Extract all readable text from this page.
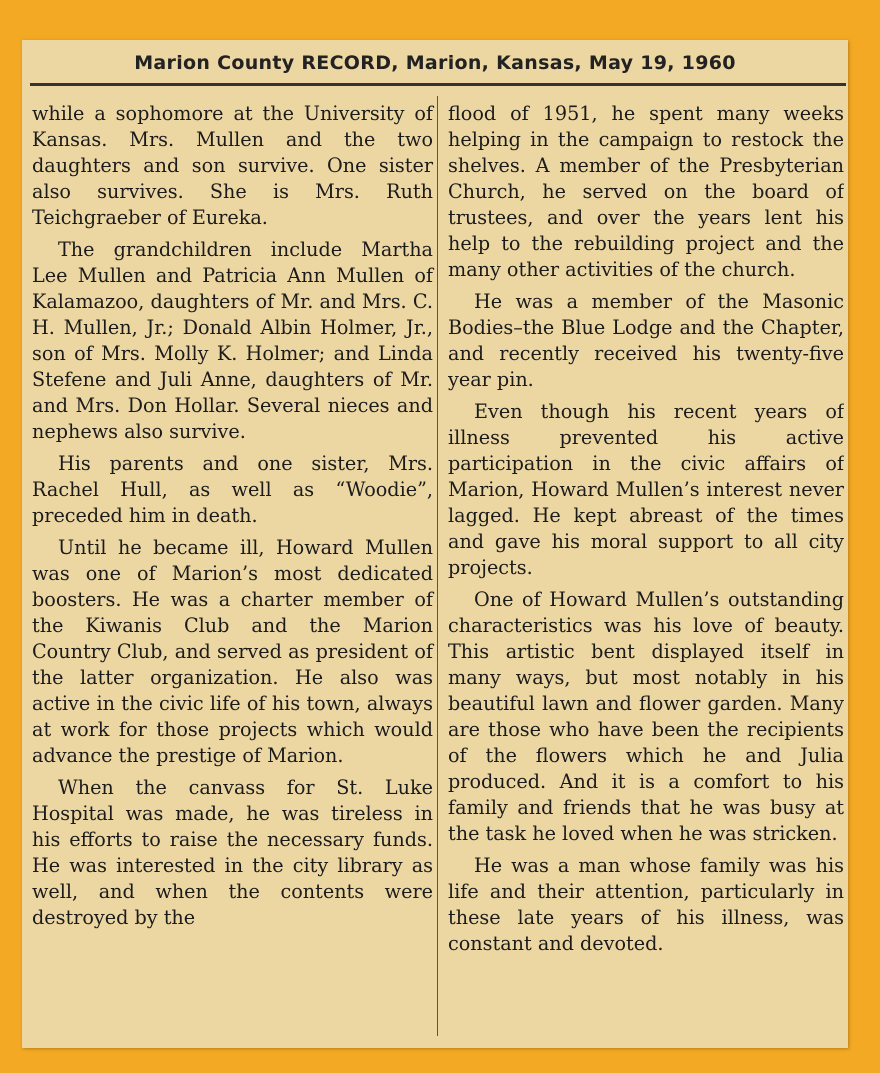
Marion County RECORD, Marion, Kansas, May 19, 1960

while a sophomore at the University of Kansas. Mrs. Mullen and the two daughters and son survive. One sister also survives. She is Mrs. Ruth Teichgraeber of Eureka.

The grandchildren include Martha Lee Mullen and Patricia Ann Mullen of Kalamazoo, daughters of Mr. and Mrs. C. H. Mullen, Jr.; Donald Albin Holmer, Jr., son of Mrs. Molly K. Holmer; and Linda Stefene and Juli Anne, daughters of Mr. and Mrs. Don Hollar. Several nieces and nephews also survive.

His parents and one sister, Mrs. Rachel Hull, as well as “Woodie”, preceded him in death.

Until he became ill, Howard Mullen was one of Marion’s most dedicated boosters. He was a charter member of the Kiwanis Club and the Marion Country Club, and served as president of the latter organization. He also was active in the civic life of his town, always at work for those projects which would advance the prestige of Marion.

When the canvass for St. Luke Hospital was made, he was tireless in his efforts to raise the necessary funds. He was interested in the city library as well, and when the contents were destroyed by the

flood of 1951, he spent many weeks helping in the campaign to restock the shelves. A member of the Presbyterian Church, he served on the board of trustees, and over the years lent his help to the rebuilding project and the many other activities of the church.

He was a member of the Masonic Bodies–the Blue Lodge and the Chapter, and recently received his twenty-five year pin.

Even though his recent years of illness prevented his active participation in the civic affairs of Marion, Howard Mullen’s interest never lagged. He kept abreast of the times and gave his moral support to all city projects.

One of Howard Mullen’s outstanding characteristics was his love of beauty. This artistic bent displayed itself in many ways, but most notably in his beautiful lawn and flower garden. Many are those who have been the recipients of the flowers which he and Julia produced. And it is a comfort to his family and friends that he was busy at the task he loved when he was stricken.

He was a man whose family was his life and their attention, particularly in these late years of his illness, was constant and devoted.
